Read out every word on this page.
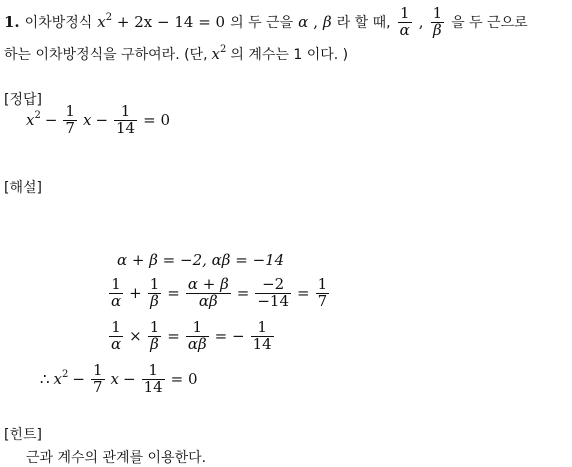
1. 이차방정식 $x^2 + 2x - 14 = 0$ 의 두 근을 α , β 라 할 때, $\frac{1}{\alpha}$ , $\frac{1}{\beta}$ 을 두 근으로
하는 이차방정식을 구하여라. (단, $x^2$ 의 계수는 1 이다. )
[정답]
$x^2 - \frac{1}{7}$ $x - \frac{1}{14} = 0$
[해설]
α + β = −2, αβ = −14
$\frac{1}{\alpha} + \frac{1}{\beta} = \frac{\alpha + \beta}{\alpha\beta} = \frac{-2}{-14} = \frac{1}{7}$
$\frac{1}{\alpha} \times \frac{1}{\beta} = \frac{1}{\alpha\beta}$ = − $\frac{1}{14}$
∴ $x^2 - \frac{1}{7}$ $x - \frac{1}{14} = 0$
[힌트]
근과 계수의 관계를 이용한다.
